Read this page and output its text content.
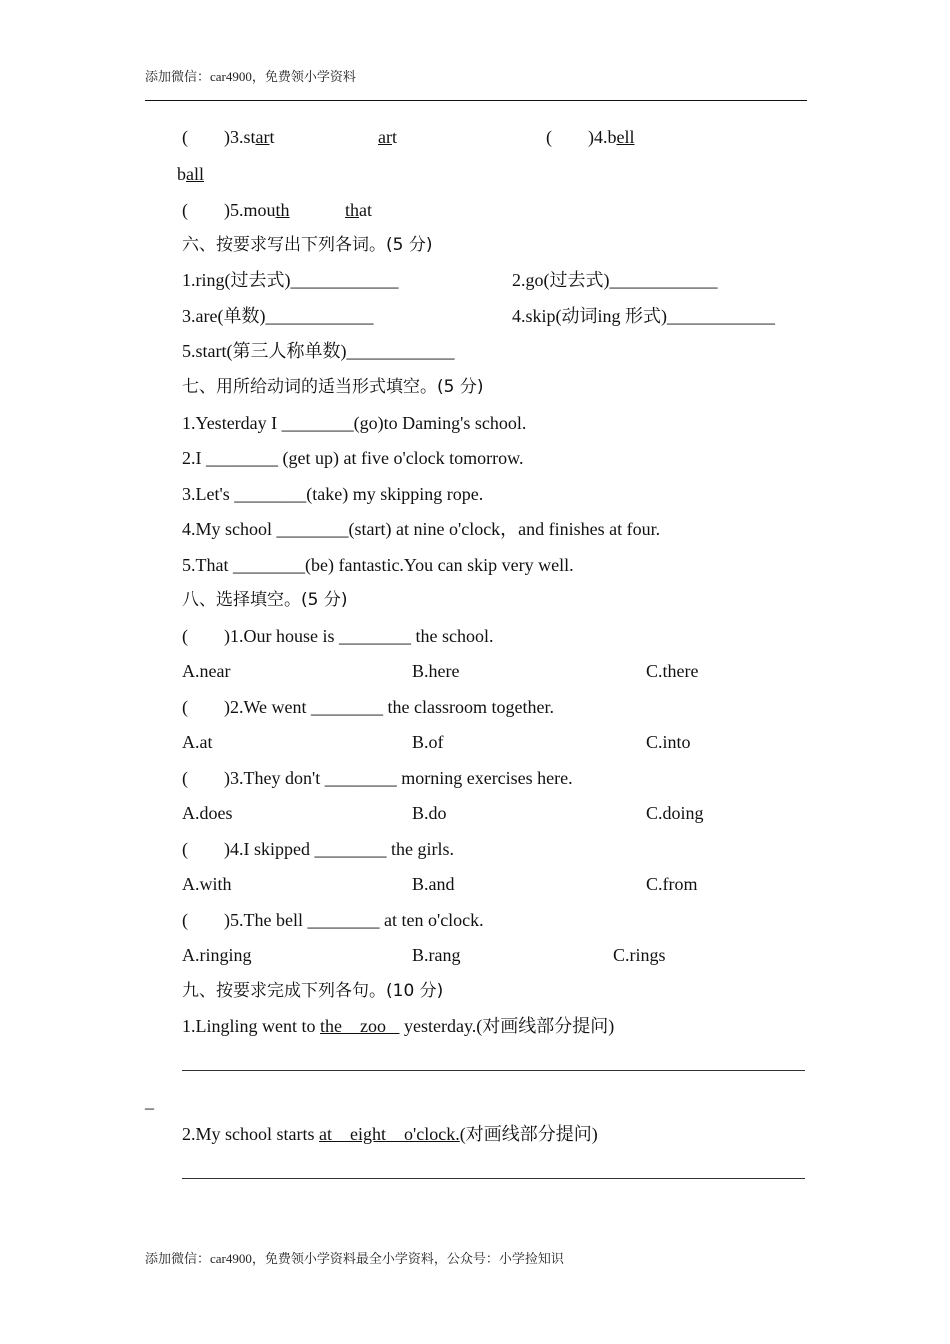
添加微信：car4900，免费领小学资料
(        )3.start	art	(        )4.bell
ball
(        )5.mouth	that
六、按要求写出下列各词。(5 分)
1.ring(过去式)____________	2.go(过去式)____________
3.are(单数)____________	4.skip(动词ing 形式)____________
5.start(第三人称单数)____________
七、用所给动词的适当形式填空。(5 分)
1.Yesterday I ________(go)to Daming's school.
2.I ________ (get up) at five o'clock tomorrow.
3.Let's ________(take) my skipping rope.
4.My school ________(start) at nine o'clock，and finishes at four.
5.That ________(be) fantastic.You can skip very well.
八、选择填空。(5 分)
(        )1.Our house is ________ the school.
A.near	B.here	C.there
(        )2.We went ________ the classroom together.
A.at	B.of	C.into
(        )3.They don't ________ morning exercises here.
A.does	B.do	C.doing
(        )4.I skipped ________ the girls.
A.with	B.and	C.from
(        )5.The bell ________ at ten o'clock.
A.ringing	B.rang	C.rings
九、按要求完成下列各句。(10 分)
1.Lingling went to the    zoo    yesterday.(对画线部分提问)
_
2.My school starts at    eight    o'clock.(对画线部分提问)
添加微信：car4900，免费领小学资料最全小学资料，公众号：小学捡知识
